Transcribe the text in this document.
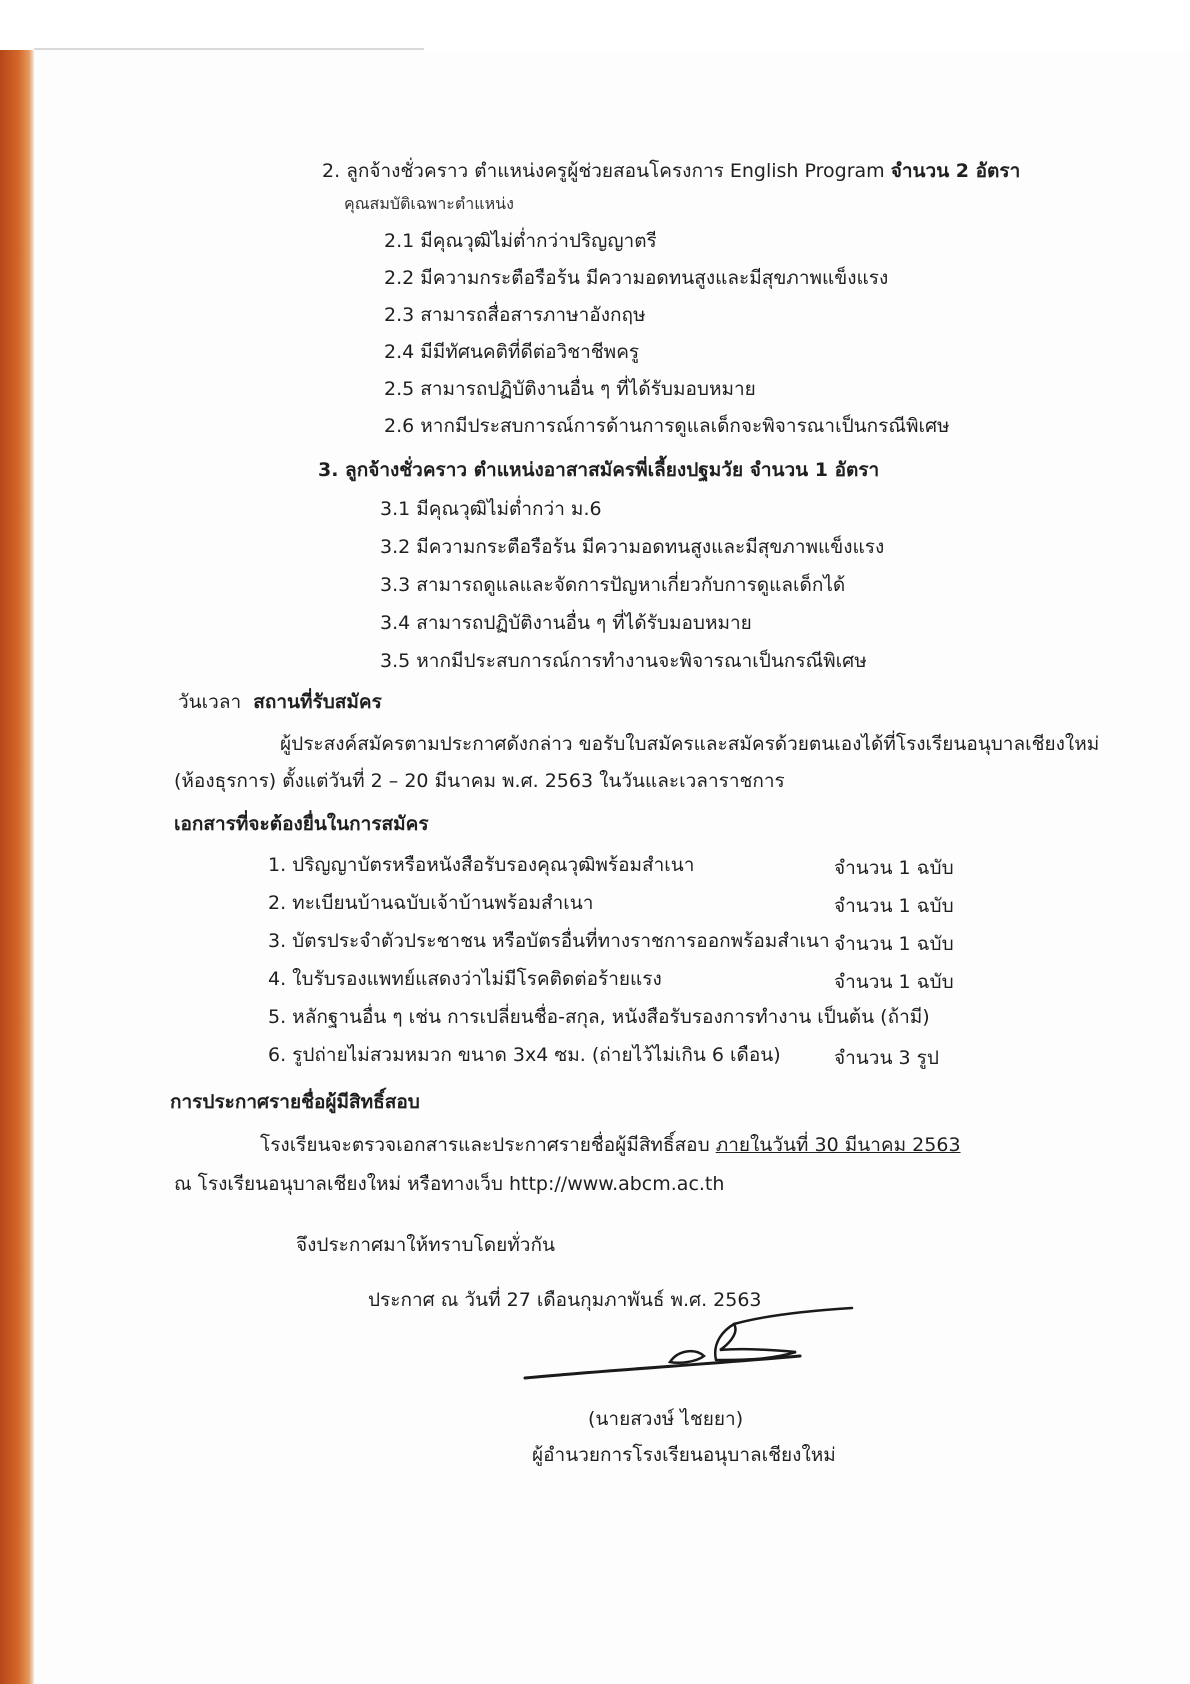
2. ลูกจ้างชั่วคราว ตำแหน่งครูผู้ช่วยสอนโครงการ English Program จำนวน 2 อัตรา
คุณสมบัติเฉพาะตำแหน่ง
2.1 มีคุณวุฒิไม่ต่ำกว่าปริญญาตรี
2.2 มีความกระตือรือร้น มีความอดทนสูงและมีสุขภาพแข็งแรง
2.3 สามารถสื่อสารภาษาอังกฤษ
2.4 มีมีทัศนคติที่ดีต่อวิชาชีพครู
2.5 สามารถปฏิบัติงานอื่น ๆ ที่ได้รับมอบหมาย
2.6 หากมีประสบการณ์การด้านการดูแลเด็กจะพิจารณาเป็นกรณีพิเศษ
3. ลูกจ้างชั่วคราว ตำแหน่งอาสาสมัครพี่เลี้ยงปฐมวัย จำนวน 1 อัตรา
3.1 มีคุณวุฒิไม่ต่ำกว่า ม.6
3.2 มีความกระตือรือร้น มีความอดทนสูงและมีสุขภาพแข็งแรง
3.3 สามารถดูแลและจัดการปัญหาเกี่ยวกับการดูแลเด็กได้
3.4 สามารถปฏิบัติงานอื่น ๆ ที่ได้รับมอบหมาย
3.5 หากมีประสบการณ์การทำงานจะพิจารณาเป็นกรณีพิเศษ
วันเวลา สถานที่รับสมัคร
ผู้ประสงค์สมัครตามประกาศดังกล่าว ขอรับใบสมัครและสมัครด้วยตนเองได้ที่โรงเรียนอนุบาลเชียงใหม่
(ห้องธุรการ) ตั้งแต่วันที่ 2 – 20 มีนาคม พ.ศ. 2563 ในวันและเวลาราชการ
เอกสารที่จะต้องยื่นในการสมัคร
1. ปริญญาบัตรหรือหนังสือรับรองคุณวุฒิพร้อมสำเนา	จำนวน 1 ฉบับ
2. ทะเบียนบ้านฉบับเจ้าบ้านพร้อมสำเนา	จำนวน 1 ฉบับ
3. บัตรประจำตัวประชาชน หรือบัตรอื่นที่ทางราชการออกพร้อมสำเนา จำนวน 1 ฉบับ
4. ใบรับรองแพทย์แสดงว่าไม่มีโรคติดต่อร้ายแรง	จำนวน 1 ฉบับ
5. หลักฐานอื่น ๆ เช่น การเปลี่ยนชื่อ-สกุล, หนังสือรับรองการทำงาน เป็นต้น (ถ้ามี)
6. รูปถ่ายไม่สวมหมวก ขนาด 3x4 ซม. (ถ่ายไว้ไม่เกิน 6 เดือน)	จำนวน 3 รูป
การประกาศรายชื่อผู้มีสิทธิ์สอบ
โรงเรียนจะตรวจเอกสารและประกาศรายชื่อผู้มีสิทธิ์สอบ ภายในวันที่ 30 มีนาคม 2563
ณ โรงเรียนอนุบาลเชียงใหม่ หรือทางเว็บ http://www.abcm.ac.th
จึงประกาศมาให้ทราบโดยทั่วกัน
ประกาศ ณ วันที่ 27 เดือนกุมภาพันธ์ พ.ศ. 2563
(นายสวงษ์ ไชยยา)
ผู้อำนวยการโรงเรียนอนุบาลเชียงใหม่
